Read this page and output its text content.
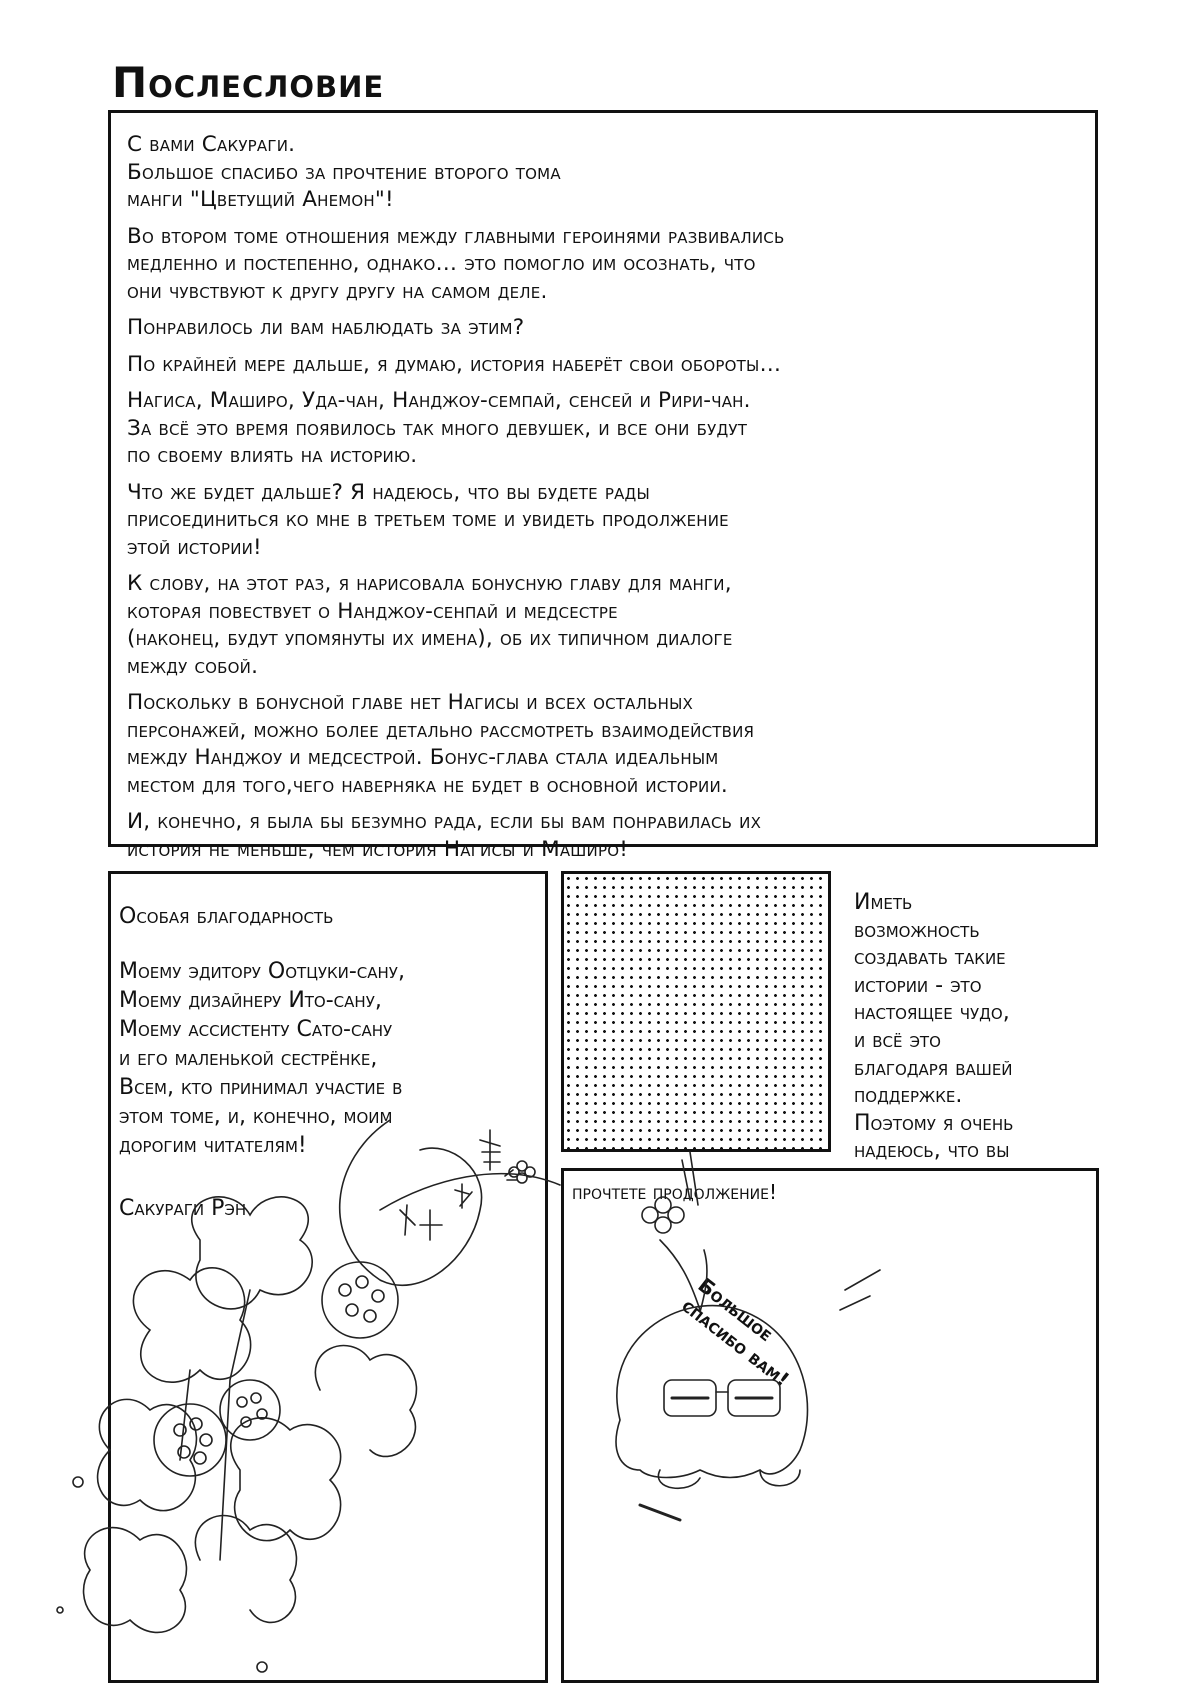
Послесловие

С вами Сакураги.
Большое спасибо за прочтение второго тома
манги "Цветущий Анемон"!

Во втором томе отношения между главными героинями развивались
медленно и постепенно, однако… это помогло им осознать, что
они чувствуют к другу другу на самом деле.

Понравилось ли вам наблюдать за этим?

По крайней мере дальше, я думаю, история наберёт свои обороты…

Нагиса, Маширо, Уда-чан, Нанджоу-семпай, сенсей и Рири-чан.
За всё это время появилось так много девушек, и все они будут
по своему влиять на историю.

Что же будет дальше? Я надеюсь, что вы будете рады
присоединиться ко мне в третьем томе и увидеть продолжение
этой истории!

К слову, на этот раз, я нарисовала бонусную главу для манги,
которая повествует о Нанджоу-сенпай и медсестре
(наконец, будут упомянуты их имена), об их типичном диалоге
между собой.

Поскольку в бонусной главе нет Нагисы и всех остальных
персонажей, можно более детально рассмотреть взаимодействия
между Нанджоу и медсестрой. Бонус-глава стала идеальным
местом для того,чего наверняка не будет в основной истории.

И, конечно, я была бы безумно рада, если бы вам понравилась их
история не меньше, чем история Нагисы и Маширо!

Особая благодарность

Моему эдитору Оотцуки-сану,
Моему дизайнеру Ито-сану,
Моему ассистенту Сато-сану
и его маленькой сестрёнке,
Всем, кто принимал участие в
этом томе, и, конечно, моим
дорогим читателям!

Сакураги Рэн

Иметь
возможность
создавать такие
истории - это
настоящее чудо,
и всё это
благодаря вашей
поддержке.
Поэтому я очень
надеюсь, что вы

прочтете продолжение!

Большое
спасибо вам!
